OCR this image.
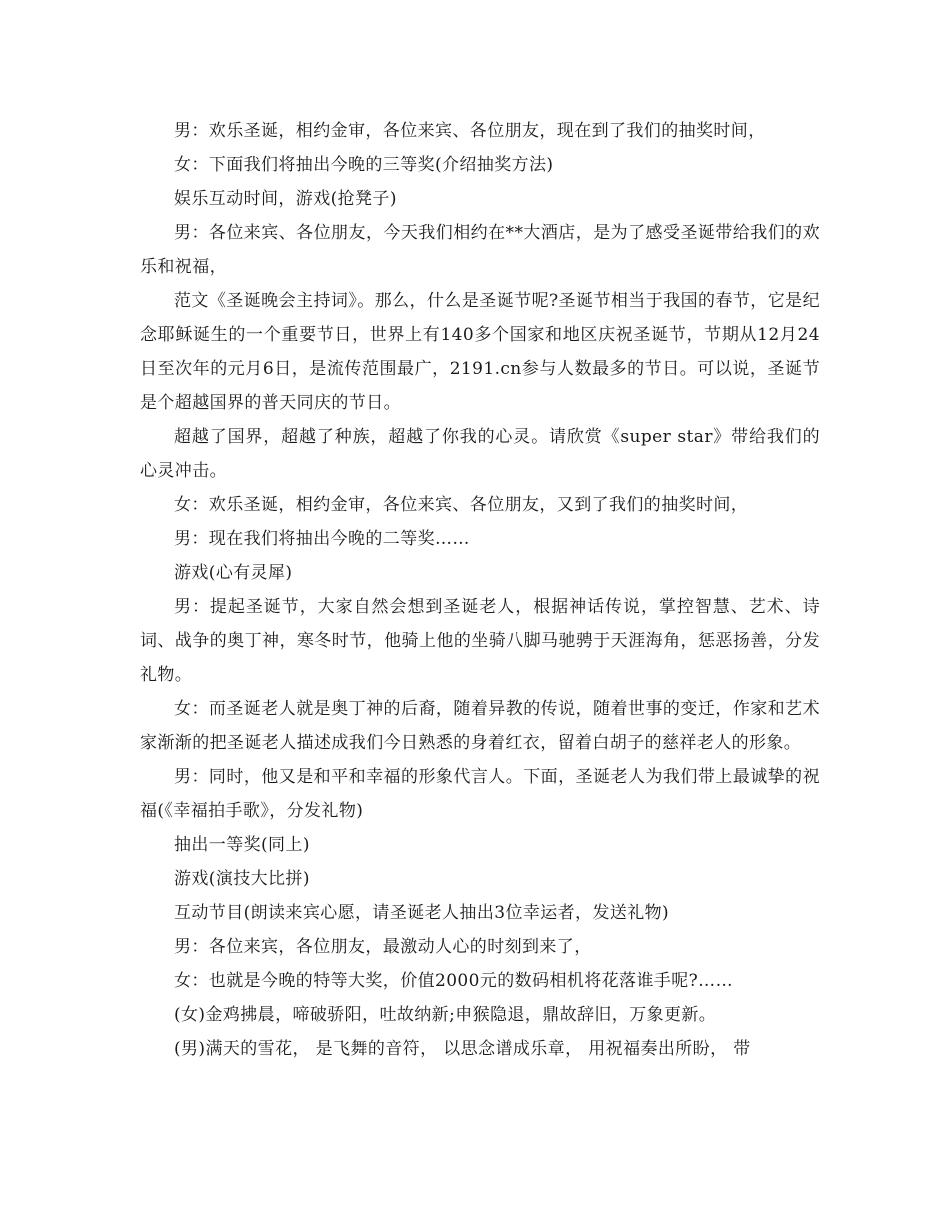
男：欢乐圣诞，相约金审，各位来宾、各位朋友，现在到了我们的抽奖时间，

女：下面我们将抽出今晚的三等奖(介绍抽奖方法)

娱乐互动时间，游戏(抢凳子)

男：各位来宾、各位朋友，今天我们相约在**大酒店，是为了感受圣诞带给我们的欢乐和祝福，

范文《圣诞晚会主持词》。那么，什么是圣诞节呢?圣诞节相当于我国的春节，它是纪念耶稣诞生的一个重要节日，世界上有140多个国家和地区庆祝圣诞节，节期从12月24日至次年的元月6日，是流传范围最广，2191.cn参与人数最多的节日。可以说，圣诞节是个超越国界的普天同庆的节日。

超越了国界，超越了种族，超越了你我的心灵。请欣赏《super star》带给我们的心灵冲击。

女：欢乐圣诞，相约金审，各位来宾、各位朋友，又到了我们的抽奖时间，

男：现在我们将抽出今晚的二等奖……

游戏(心有灵犀)

男：提起圣诞节，大家自然会想到圣诞老人，根据神话传说，掌控智慧、艺术、诗词、战争的奥丁神，寒冬时节，他骑上他的坐骑八脚马驰骋于天涯海角，惩恶扬善，分发礼物。

女：而圣诞老人就是奥丁神的后裔，随着异教的传说，随着世事的变迁，作家和艺术家渐渐的把圣诞老人描述成我们今日熟悉的身着红衣，留着白胡子的慈祥老人的形象。

男：同时，他又是和平和幸福的形象代言人。下面，圣诞老人为我们带上最诚挚的祝福(《幸福拍手歌》，分发礼物)

抽出一等奖(同上)

游戏(演技大比拼)

互动节目(朗读来宾心愿，请圣诞老人抽出3位幸运者，发送礼物)

男：各位来宾，各位朋友，最激动人心的时刻到来了，

女：也就是今晚的特等大奖，价值2000元的数码相机将花落谁手呢?……

(女)金鸡拂晨，啼破骄阳，吐故纳新;申猴隐退，鼎故辞旧，万象更新。

(男)满天的雪花， 是飞舞的音符， 以思念谱成乐章， 用祝福奏出所盼， 带
